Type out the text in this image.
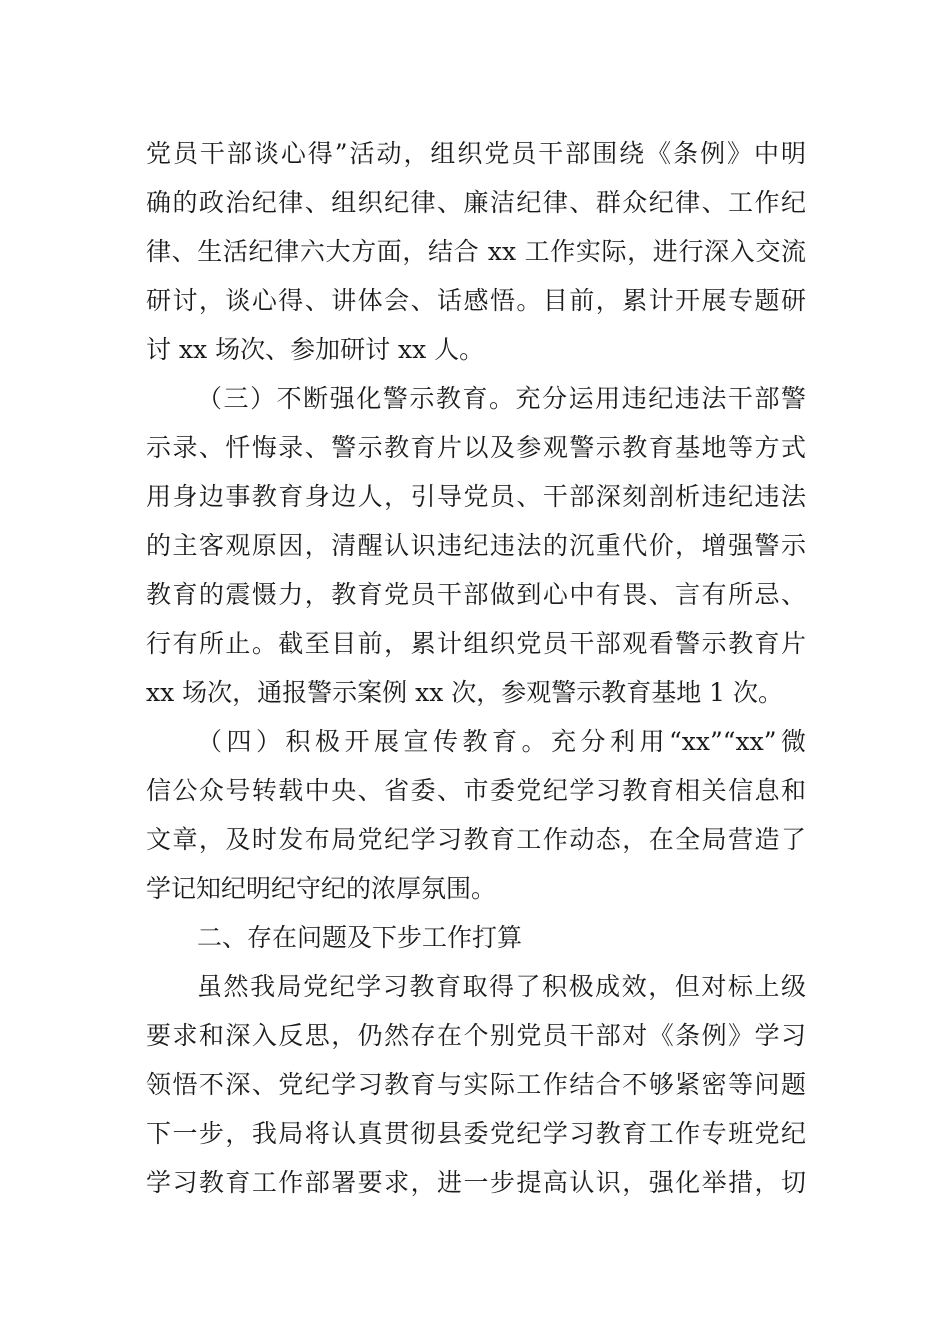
党员干部谈心得”活动，组织党员干部围绕《条例》中明
确的政治纪律、组织纪律、廉洁纪律、群众纪律、工作纪
律、生活纪律六大方面，结合 xx 工作实际，进行深入交流
研讨，谈心得、讲体会、话感悟。目前，累计开展专题研
讨 xx 场次、参加研讨 xx 人。
（三）不断强化警示教育。充分运用违纪违法干部警
示录、忏悔录、警示教育片以及参观警示教育基地等方式
用身边事教育身边人，引导党员、干部深刻剖析违纪违法
的主客观原因，清醒认识违纪违法的沉重代价，增强警示
教育的震慑力，教育党员干部做到心中有畏、言有所忌、
行有所止。截至目前，累计组织党员干部观看警示教育片
xx 场次，通报警示案例 xx 次，参观警示教育基地 1 次。
（四）积极开展宣传教育。充分利用“xx”“xx”微
信公众号转载中央、省委、市委党纪学习教育相关信息和
文章，及时发布局党纪学习教育工作动态，在全局营造了
学记知纪明纪守纪的浓厚氛围。
二、存在问题及下步工作打算
虽然我局党纪学习教育取得了积极成效，但对标上级
要求和深入反思，仍然存在个别党员干部对《条例》学习
领悟不深、党纪学习教育与实际工作结合不够紧密等问题
下一步，我局将认真贯彻县委党纪学习教育工作专班党纪
学习教育工作部署要求，进一步提高认识，强化举措，切
